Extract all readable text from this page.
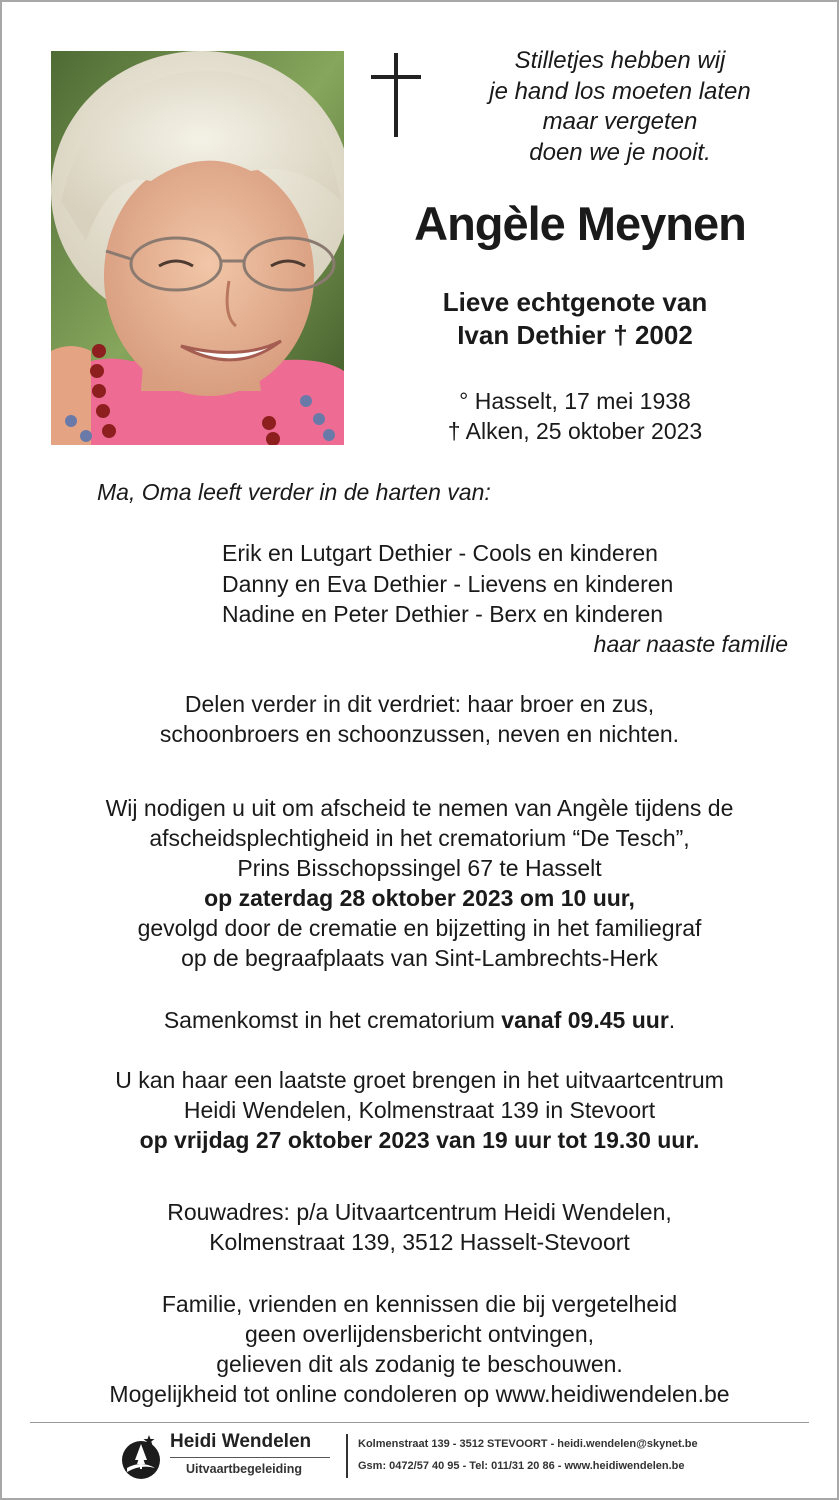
Stilletjes hebben wij
je hand los moeten laten
maar vergeten
doen we je nooit.
Angèle Meynen
Lieve echtgenote van
Ivan Dethier † 2002
° Hasselt, 17 mei 1938
† Alken, 25 oktober 2023
Ma, Oma leeft verder in de harten van:
Erik en Lutgart Dethier - Cools en kinderen
Danny en Eva Dethier - Lievens en kinderen
Nadine en Peter Dethier - Berx en kinderen
haar naaste familie
Delen verder in dit verdriet: haar broer en zus,
schoonbroers en schoonzussen, neven en nichten.
Wij nodigen u uit om afscheid te nemen van Angèle tijdens de
afscheidsplechtigheid in het crematorium “De Tesch”,
Prins Bisschopssingel 67 te Hasselt
op zaterdag 28 oktober 2023 om 10 uur,
gevolgd door de crematie en bijzetting in het familiegraf
op de begraafplaats van Sint-Lambrechts-Herk
Samenkomst in het crematorium vanaf 09.45 uur.
U kan haar een laatste groet brengen in het uitvaartcentrum
Heidi Wendelen, Kolmenstraat 139 in Stevoort
op vrijdag 27 oktober 2023 van 19 uur tot 19.30 uur.
Rouwadres: p/a Uitvaartcentrum Heidi Wendelen,
Kolmenstraat 139, 3512 Hasselt-Stevoort
Familie, vrienden en kennissen die bij vergetelheid
geen overlijdensbericht ontvingen,
gelieven dit als zodanig te beschouwen.
Mogelijkheid tot online condoleren op www.heidiwendelen.be
Heidi Wendelen
Uitvaartbegeleiding
Kolmenstraat 139 - 3512 STEVOORT - heidi.wendelen@skynet.be
Gsm: 0472/57 40 95 - Tel: 011/31 20 86 - www.heidiwendelen.be
